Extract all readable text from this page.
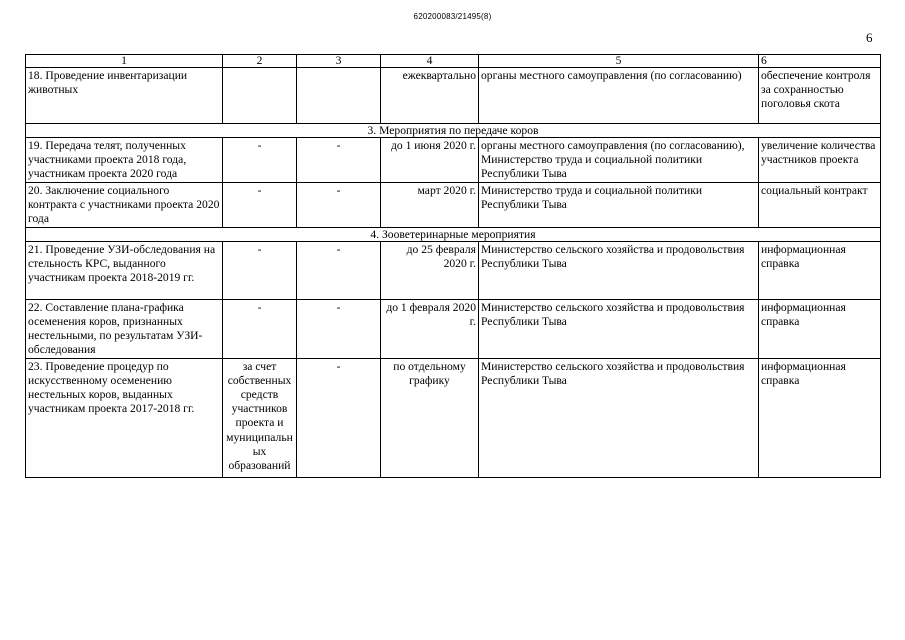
620200083/21495(8)
6
1	2	3	4	5	6
18. Проведение инвентаризации животных			ежеквартально	органы местного самоуправления (по согласованию)	обеспечение контроля за сохранностью поголовья скота
3. Мероприятия по передаче коров					
19. Передача телят, полученных участниками проекта 2018 года, участникам проекта 2020 года	-	-	до 1 июня 2020 г.	органы местного самоуправления (по согласованию), Министерство труда и социальной политики Республики Тыва	увеличение количества участников проекта
20. Заключение социального контракта с участниками проекта 2020 года	-	-	март 2020 г.	Министерство труда и социальной политики Республики Тыва	социальный контракт
4. Зооветеринарные мероприятия					
21. Проведение УЗИ-обследования на стельность КРС, выданного участникам проекта 2018-2019 гг.	-	-	до 25 февраля 2020 г.	Министерство сельского хозяйства и продовольствия Республики Тыва	информационная справка
22. Составление плана-графика осеменения коров, признанных нестельными, по результатам УЗИ-обследования	-	-	до 1 февраля 2020 г.	Министерство сельского хозяйства и продовольствия Республики Тыва	информационная справка
23. Проведение процедур по искусственному осеменению нестельных коров, выданных участникам проекта 2017-2018 гг.	за счет собственных средств участников проекта и муниципальных образований	-	по отдельному графику	Министерство сельского хозяйства и продовольствия Республики Тыва	информационная справка
